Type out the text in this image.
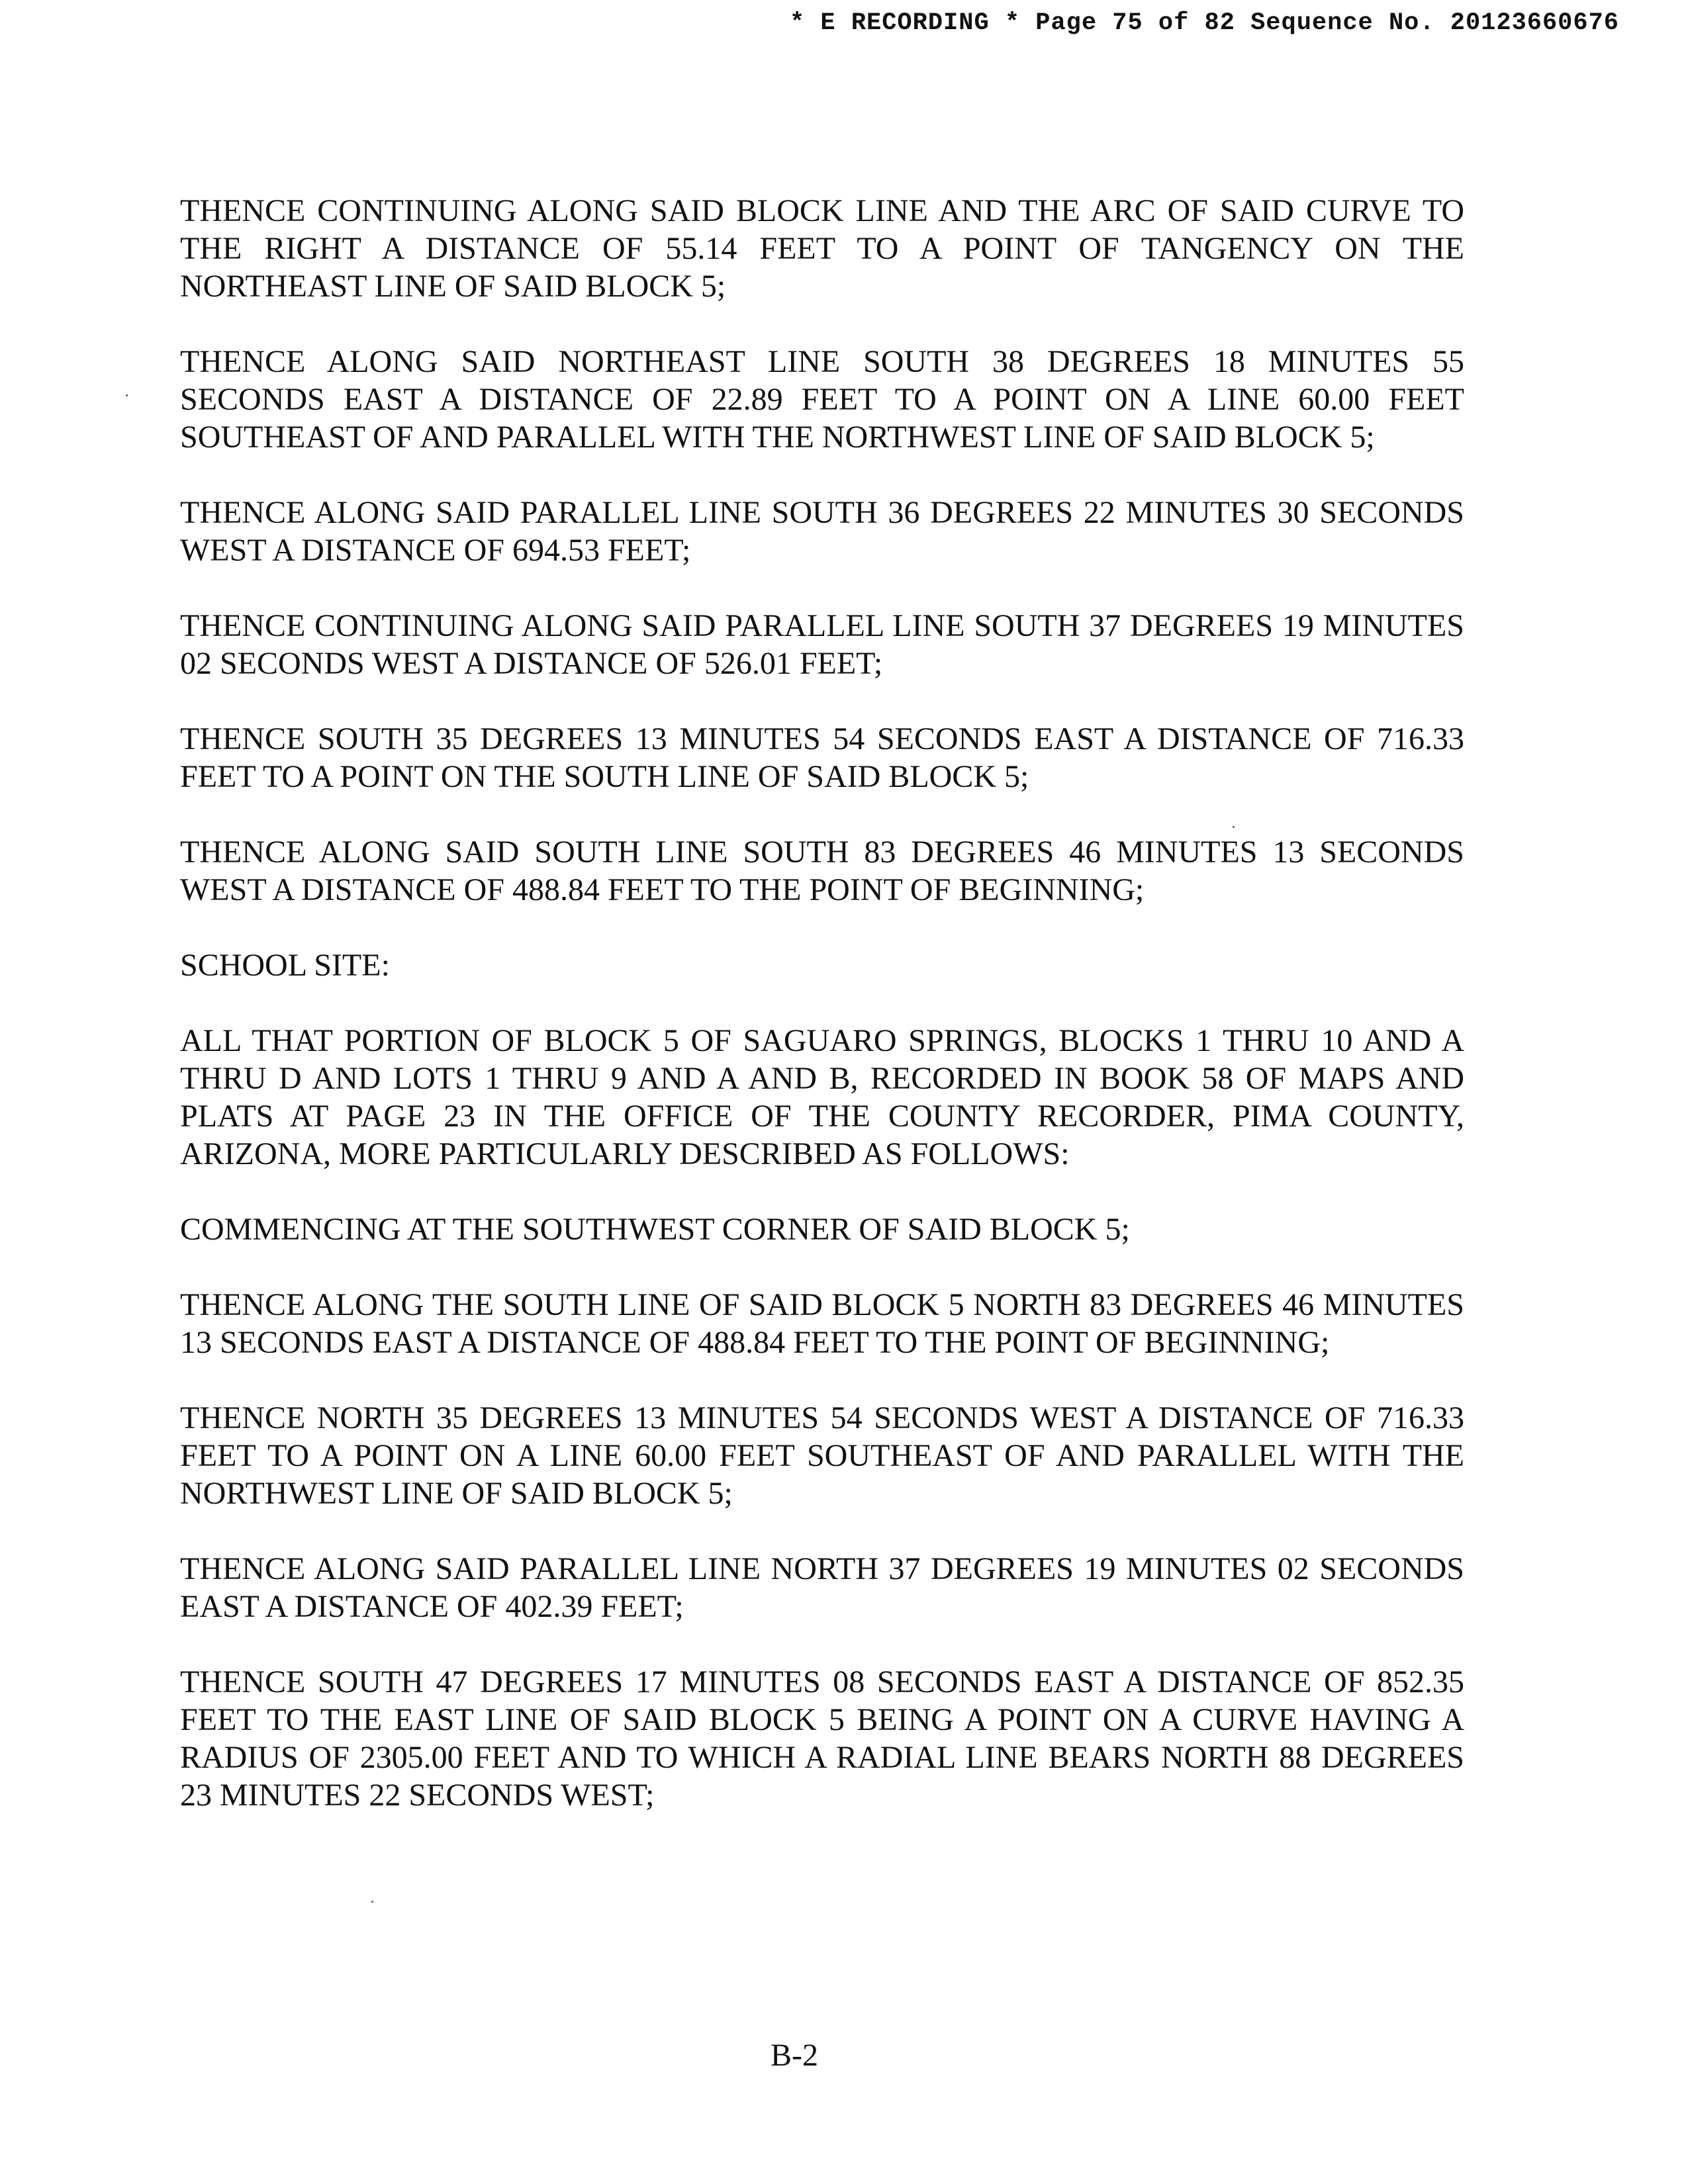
* E RECORDING * Page 75 of 82 Sequence No. 20123660676

THENCE CONTINUING ALONG SAID BLOCK LINE AND THE ARC OF SAID CURVE TO THE RIGHT A DISTANCE OF 55.14 FEET TO A POINT OF TANGENCY ON THE NORTHEAST LINE OF SAID BLOCK 5;

THENCE ALONG SAID NORTHEAST LINE SOUTH 38 DEGREES 18 MINUTES 55 SECONDS EAST A DISTANCE OF 22.89 FEET TO A POINT ON A LINE 60.00 FEET SOUTHEAST OF AND PARALLEL WITH THE NORTHWEST LINE OF SAID BLOCK 5;

THENCE ALONG SAID PARALLEL LINE SOUTH 36 DEGREES 22 MINUTES 30 SECONDS WEST A DISTANCE OF 694.53 FEET;

THENCE CONTINUING ALONG SAID PARALLEL LINE SOUTH 37 DEGREES 19 MINUTES 02 SECONDS WEST A DISTANCE OF 526.01 FEET;

THENCE SOUTH 35 DEGREES 13 MINUTES 54 SECONDS EAST A DISTANCE OF 716.33 FEET TO A POINT ON THE SOUTH LINE OF SAID BLOCK 5;

THENCE ALONG SAID SOUTH LINE SOUTH 83 DEGREES 46 MINUTES 13 SECONDS WEST A DISTANCE OF 488.84 FEET TO THE POINT OF BEGINNING;

SCHOOL SITE:

ALL THAT PORTION OF BLOCK 5 OF SAGUARO SPRINGS, BLOCKS 1 THRU 10 AND A THRU D AND LOTS 1 THRU 9 AND A AND B, RECORDED IN BOOK 58 OF MAPS AND PLATS AT PAGE 23 IN THE OFFICE OF THE COUNTY RECORDER, PIMA COUNTY, ARIZONA, MORE PARTICULARLY DESCRIBED AS FOLLOWS:

COMMENCING AT THE SOUTHWEST CORNER OF SAID BLOCK 5;

THENCE ALONG THE SOUTH LINE OF SAID BLOCK 5 NORTH 83 DEGREES 46 MINUTES 13 SECONDS EAST A DISTANCE OF 488.84 FEET TO THE POINT OF BEGINNING;

THENCE NORTH 35 DEGREES 13 MINUTES 54 SECONDS WEST A DISTANCE OF 716.33 FEET TO A POINT ON A LINE 60.00 FEET SOUTHEAST OF AND PARALLEL WITH THE NORTHWEST LINE OF SAID BLOCK 5;

THENCE ALONG SAID PARALLEL LINE NORTH 37 DEGREES 19 MINUTES 02 SECONDS EAST A DISTANCE OF 402.39 FEET;

THENCE SOUTH 47 DEGREES 17 MINUTES 08 SECONDS EAST A DISTANCE OF 852.35 FEET TO THE EAST LINE OF SAID BLOCK 5 BEING A POINT ON A CURVE HAVING A RADIUS OF 2305.00 FEET AND TO WHICH A RADIAL LINE BEARS NORTH 88 DEGREES 23 MINUTES 22 SECONDS WEST;

B-2
